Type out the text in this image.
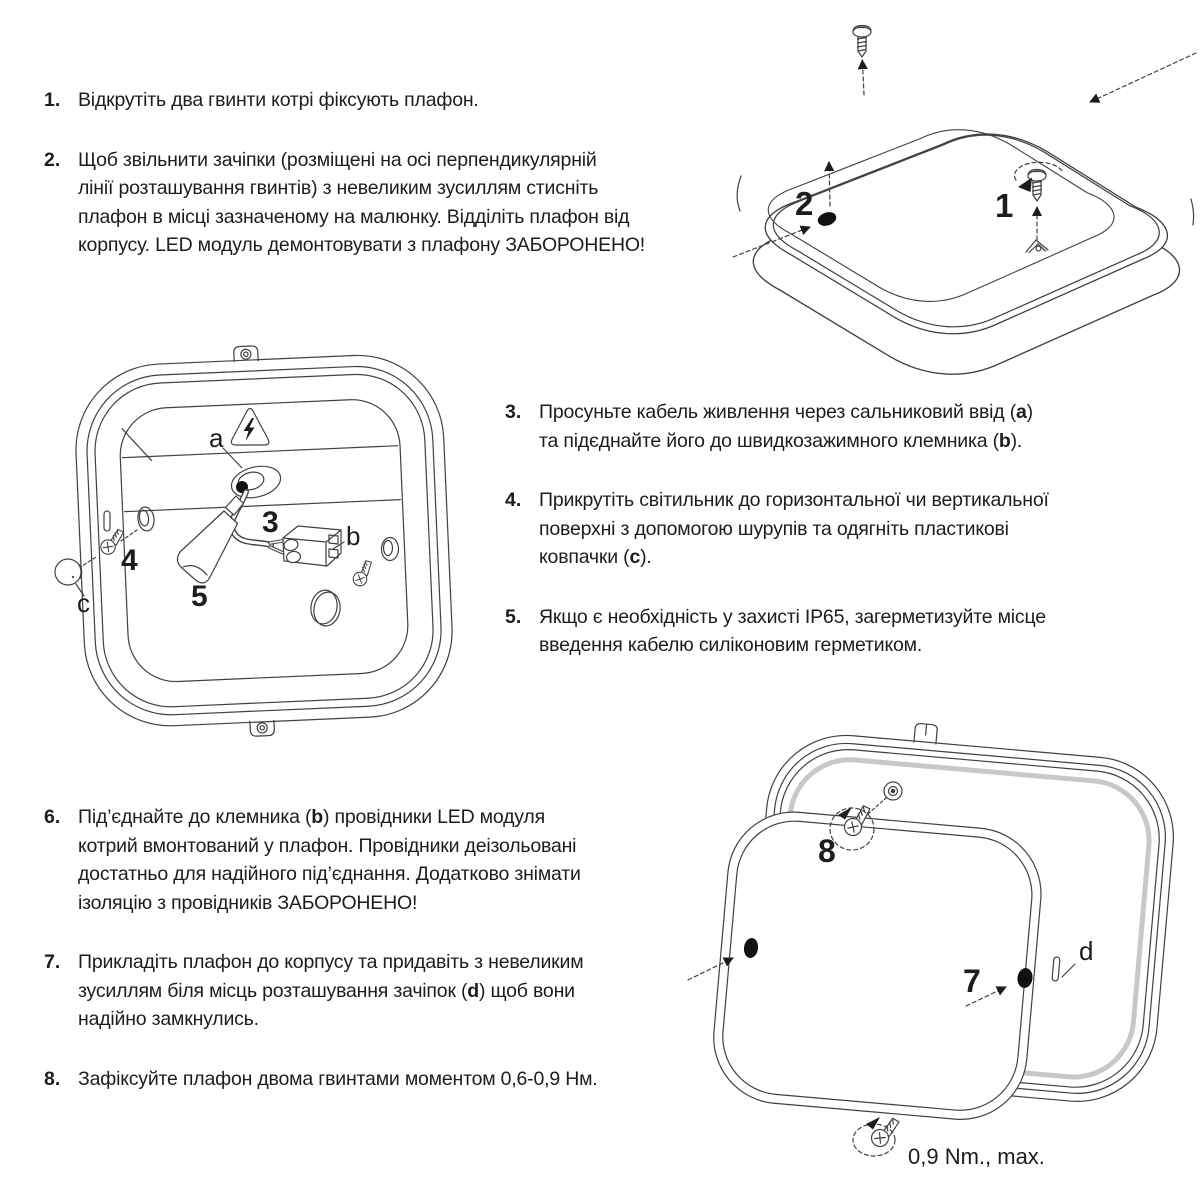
1. Відкрутіть два гвинти котрі фіксують плафон.
2. Щоб звільнити зачіпки (розміщені на осі перпендикулярній
лінії розташування гвинтів) з невеликим зусиллям стисніть
плафон в місці зазначеному на малюнку. Відділіть плафон від
корпусу. LED модуль демонтовувати з плафону ЗАБОРОНЕНО!
3. Просуньте кабель живлення через сальниковий ввід (a)
та підєднайте його до швидкозажимного клемника (b).
4. Прикрутіть світильник до горизонтальної чи вертикальної
поверхні з допомогою шурупів та одягніть пластикові
ковпачки (c).
5. Якщо є необхідність у захисті IP65, загерметизуйте місце
введення кабелю силіконовим герметиком.
6. Під’єднайте до клемника (b) провідники LED модуля
котрий вмонтований у плафон. Провідники деізольовані
достатньо для надійного під’єднання. Додатково знімати
ізоляцію з провідників ЗАБОРОНЕНО!
7. Прикладіть плафон до корпусу та придавіть з невеликим
зусиллям біля місць розташування зачіпок (d) щоб вони
надійно замкнулись.
8. Зафіксуйте плафон двома гвинтами моментом 0,6-0,9 Нм.
2	1
a
3	b
4
5
c
8
7
d
0,9 Nm., max.
